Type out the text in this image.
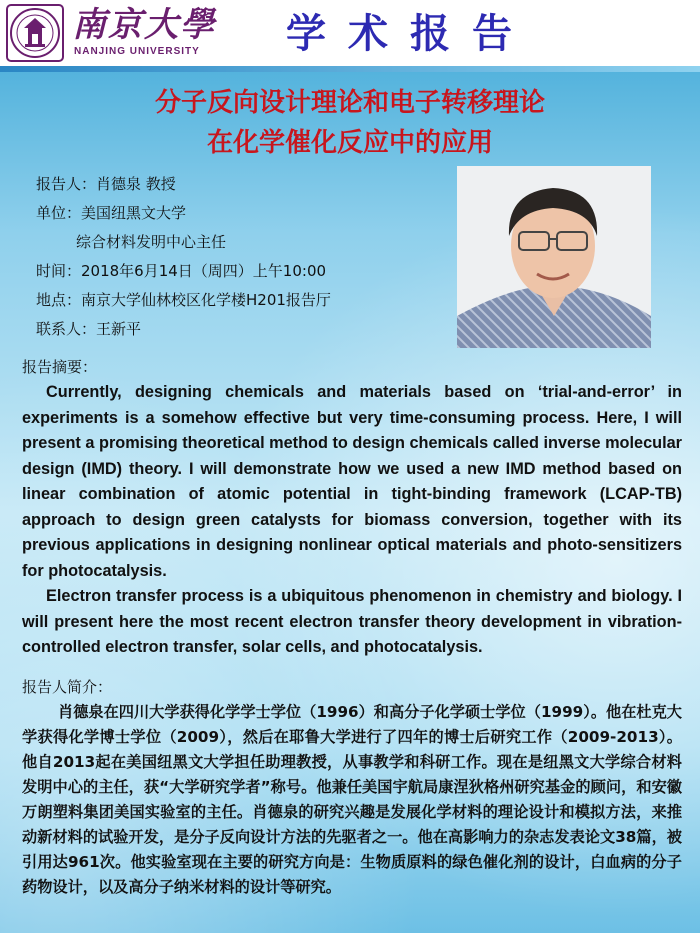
南京大學
NANJING UNIVERSITY	学术报告
分子反向设计理论和电子转移理论
在化学催化反应中的应用
报告人：肖德泉 教授
单位：美国纽黑文大学
综合材料发明中心主任
时间：2018年6月14日（周四）上午10:00
地点：南京大学仙林校区化学楼H201报告厅
联系人：王新平
报告摘要：

Currently, designing chemicals and materials based on ‘trial-and-error’ in experiments is a somehow effective but very time-consuming process. Here, I will present a promising theoretical method to design chemicals called inverse molecular design (IMD) theory. I will demonstrate how we used a new IMD method based on linear combination of atomic potential in tight-binding framework (LCAP-TB) approach to design green catalysts for biomass conversion, together with its previous applications in designing nonlinear optical materials and photo-sensitizers for photocatalysis.

Electron transfer process is a ubiquitous phenomenon in chemistry and biology. I will present here the most recent electron transfer theory development in vibration-controlled electron transfer, solar cells, and photocatalysis.

报告人简介：

肖德泉在四川大学获得化学学士学位（1996）和高分子化学硕士学位（1999）。他在杜克大学获得化学博士学位（2009），然后在耶鲁大学进行了四年的博士后研究工作（2009-2013）。他自2013起在美国纽黑文大学担任助理教授，从事教学和科研工作。现在是纽黑文大学综合材料发明中心的主任，获“大学研究学者”称号。他兼任美国宇航局康涅狄格州研究基金的顾问，和安徽万朗塑料集团美国实验室的主任。肖德泉的研究兴趣是发展化学材料的理论设计和模拟方法，来推动新材料的试验开发，是分子反向设计方法的先驱者之一。他在高影响力的杂志发表论文38篇，被引用达961次。他实验室现在主要的研究方向是：生物质原料的绿色催化剂的设计，白血病的分子药物设计，以及高分子纳米材料的设计等研究。
